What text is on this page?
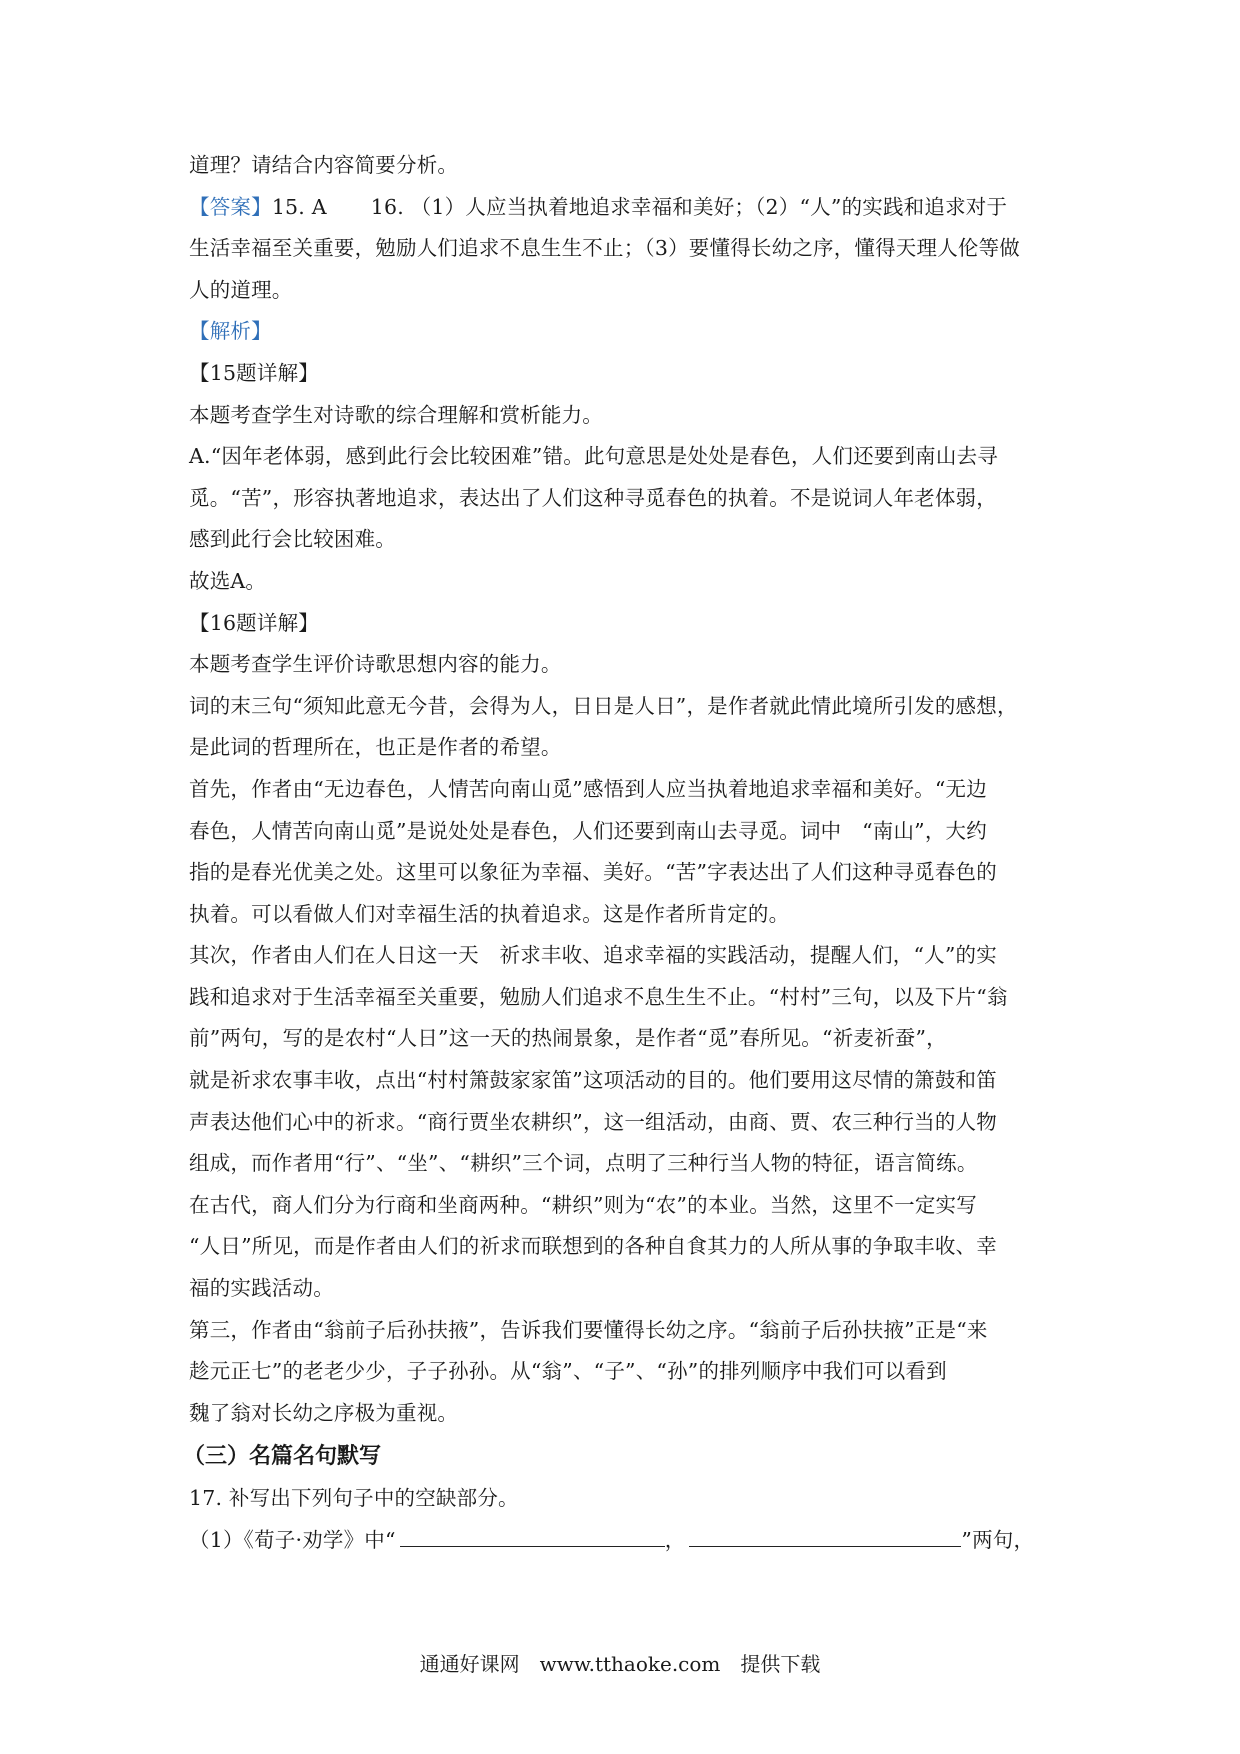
道理？请结合内容简要分析。
【答案】15. A 16. （1）人应当执着地追求幸福和美好；（2）“人”的实践和追求对于
生活幸福至关重要，勉励人们追求不息生生不止；（3）要懂得长幼之序，懂得天理人伦等做
人的道理。
【解析】
【15题详解】
本题考查学生对诗歌的综合理解和赏析能力。
A.“因年老体弱，感到此行会比较困难”错。此句意思是处处是春色，人们还要到南山去寻
觅。“苦”，形容执著地追求，表达出了人们这种寻觅春色的执着。不是说词人年老体弱，
感到此行会比较困难。
故选A。
【16题详解】
本题考查学生评价诗歌思想内容的能力。
词的末三句“须知此意无今昔，会得为人，日日是人日”，是作者就此情此境所引发的感想，
是此词的哲理所在，也正是作者的希望。
首先，作者由“无边春色，人情苦向南山觅”感悟到人应当执着地追求幸福和美好。“无边
春色，人情苦向南山觅”是说处处是春色，人们还要到南山去寻觅。词中　“南山”，大约
指的是春光优美之处。这里可以象征为幸福、美好。“苦”字表达出了人们这种寻觅春色的
执着。可以看做人们对幸福生活的执着追求。这是作者所肯定的。
其次，作者由人们在人日这一天　祈求丰收、追求幸福的实践活动，提醒人们，“人”的实
践和追求对于生活幸福至关重要，勉励人们追求不息生生不止。“村村”三句，以及下片“翁
前”两句，写的是农村“人日”这一天的热闹景象，是作者“觅”春所见。“祈麦祈蚕”，
就是祈求农事丰收，点出“村村箫鼓家家笛”这项活动的目的。他们要用这尽情的箫鼓和笛
声表达他们心中的祈求。“商行贾坐农耕织”，这一组活动，由商、贾、农三种行当的人物
组成，而作者用“行”、“坐”、“耕织”三个词，点明了三种行当人物的特征，语言简练。
在古代，商人们分为行商和坐商两种。“耕织”则为“农”的本业。当然，这里不一定实写
“人日”所见，而是作者由人们的祈求而联想到的各种自食其力的人所从事的争取丰收、幸
福的实践活动。
第三，作者由“翁前子后孙扶掖”，告诉我们要懂得长幼之序。“翁前子后孙扶掖”正是“来
趁元正七”的老老少少，子子孙孙。从“翁”、“子”、“孙”的排列顺序中我们可以看到
魏了翁对长幼之序极为重视。
（三）名篇名句默写
17. 补写出下列句子中的空缺部分。
（1）《荀子·劝学》中“	，	”两句，
通通好课网　www.tthaoke.com　提供下载
